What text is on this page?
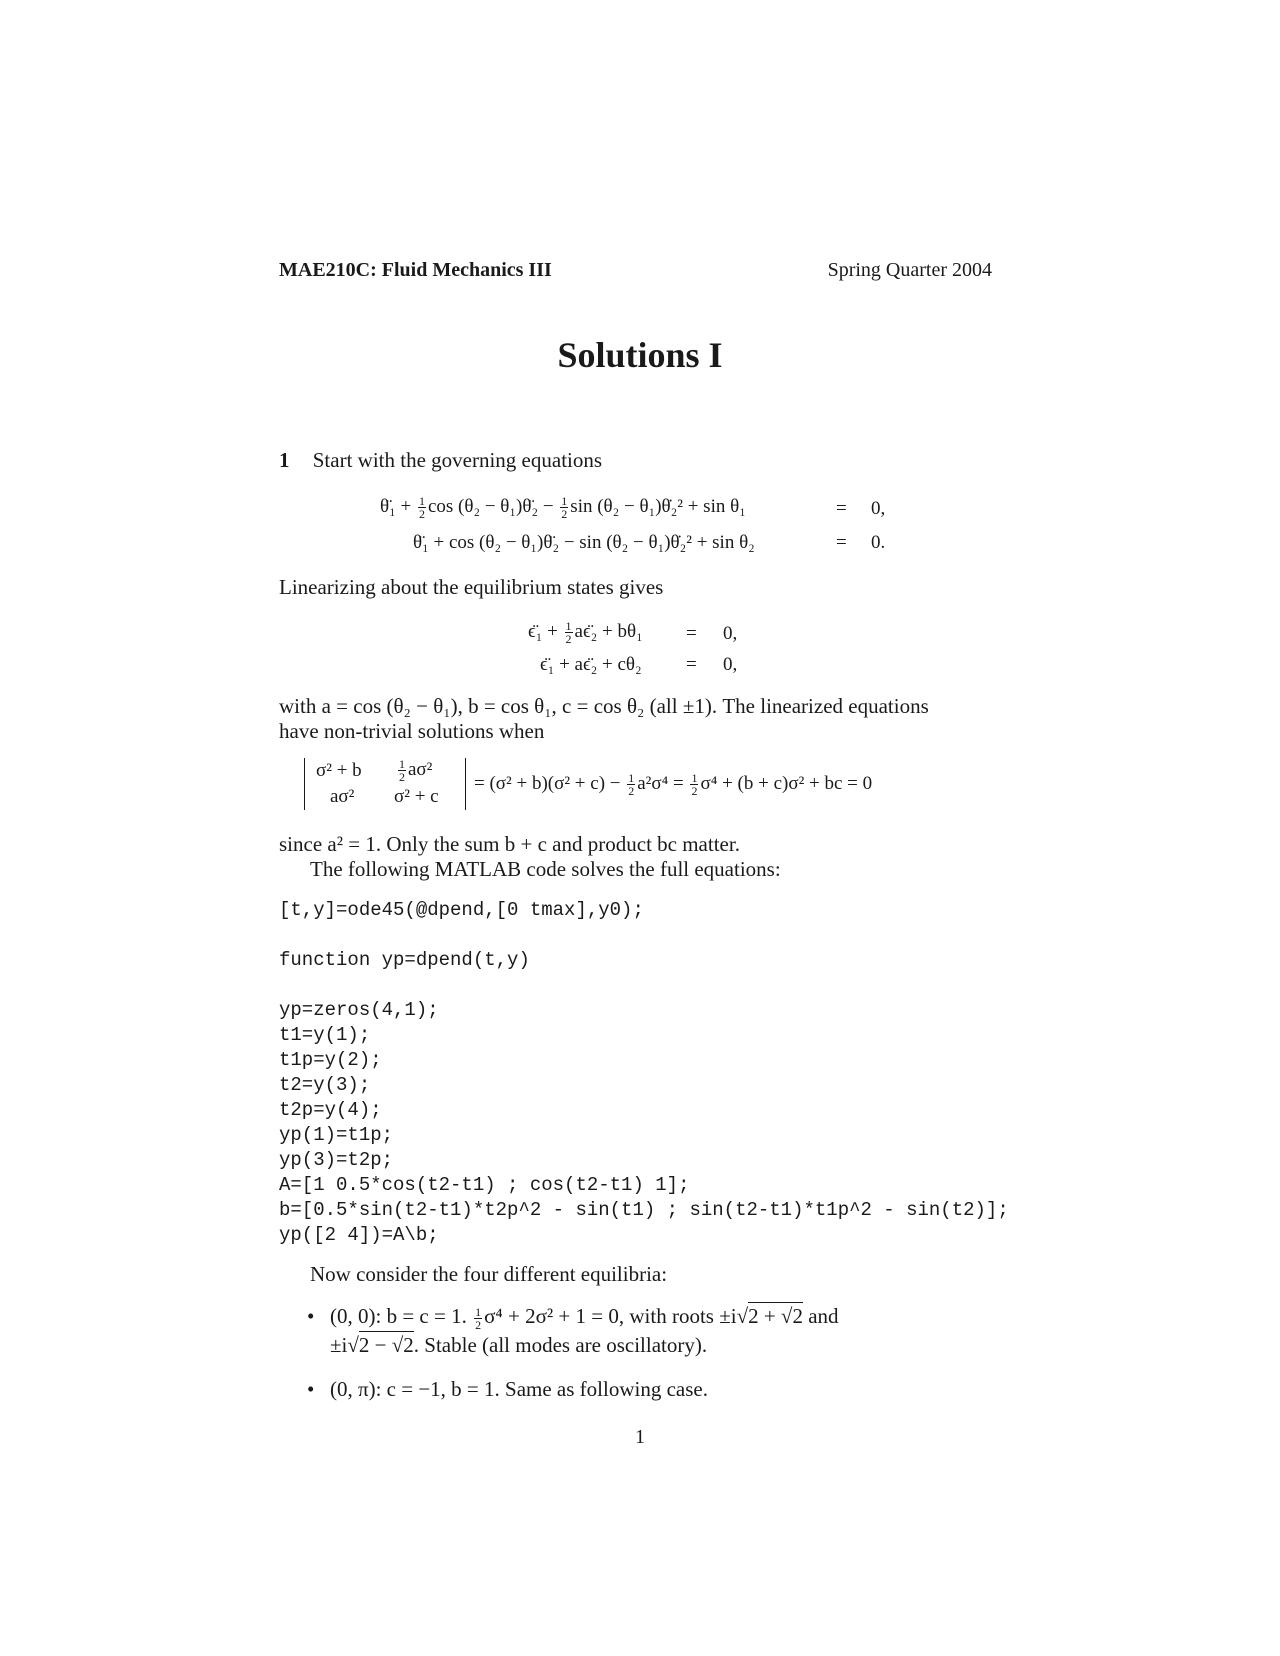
MAE210C: Fluid Mechanics III	Spring Quarter 2004
Solutions I
1 Start with the governing equations
θ̈₁ + $\frac{1}{2}$ cos (θ₂ − θ₁)θ̈₂ − $\frac{1}{2}$ sin (θ₂ − θ₁)θ̇₂² + sin θ₁	= 0,
θ̈₁ + cos (θ₂ − θ₁)θ̈₂ − sin (θ₂ − θ₁)θ̇₂² + sin θ₂	= 0.
Linearizing about the equilibrium states gives
ϵ̈₁ + $\frac{1}{2}$ aϵ̈₂ + bθ₁ = 0,
ϵ̈₁ + aϵ̈₂ + cθ₂ = 0,
with a = cos (θ₂ − θ₁), b = cos θ₁, c = cos θ₂ (all ±1). The linearized equations
have non-trivial solutions when
σ² + b	$\frac{1}{2} a\sigma^2$
aσ² σ² + c
= $(\sigma^2 + b)(\sigma^2 + c) - \frac{1}{2} a^2\sigma^4 = \frac{1}{2} \sigma^4 + (b + c)\sigma^2$ + bc = 0
since a² = 1. Only the sum b + c and product bc matter.
The following MATLAB code solves the full equations:
[t,y]=ode45(@dpend,[0 tmax],y0);
function yp=dpend(t,y)
yp=zeros(4,1);
t1=y(1);
t1p=y(2);
t2=y(3);
t2p=y(4);
yp(1)=t1p;
yp(3)=t2p;
A=[1 0.5*cos(t2-t1) ; cos(t2-t1) 1];
b=[0.5*sin(t2-t1)*t2p^2 - sin(t1) ; sin(t2-t1)*t1p^2 - sin(t2)];
yp([2 4])=A\b;
Now consider the four different equilibria:
• (0, 0): b = c = 1. $\frac{1}{2} \sigma^4 + 2\sigma^2 + 1 = 0$, with roots ±i√2 + √2 and
±i√2 − √2. Stable (all modes are oscillatory).
• (0, π): c = −1, b = 1. Same as following case.
1
